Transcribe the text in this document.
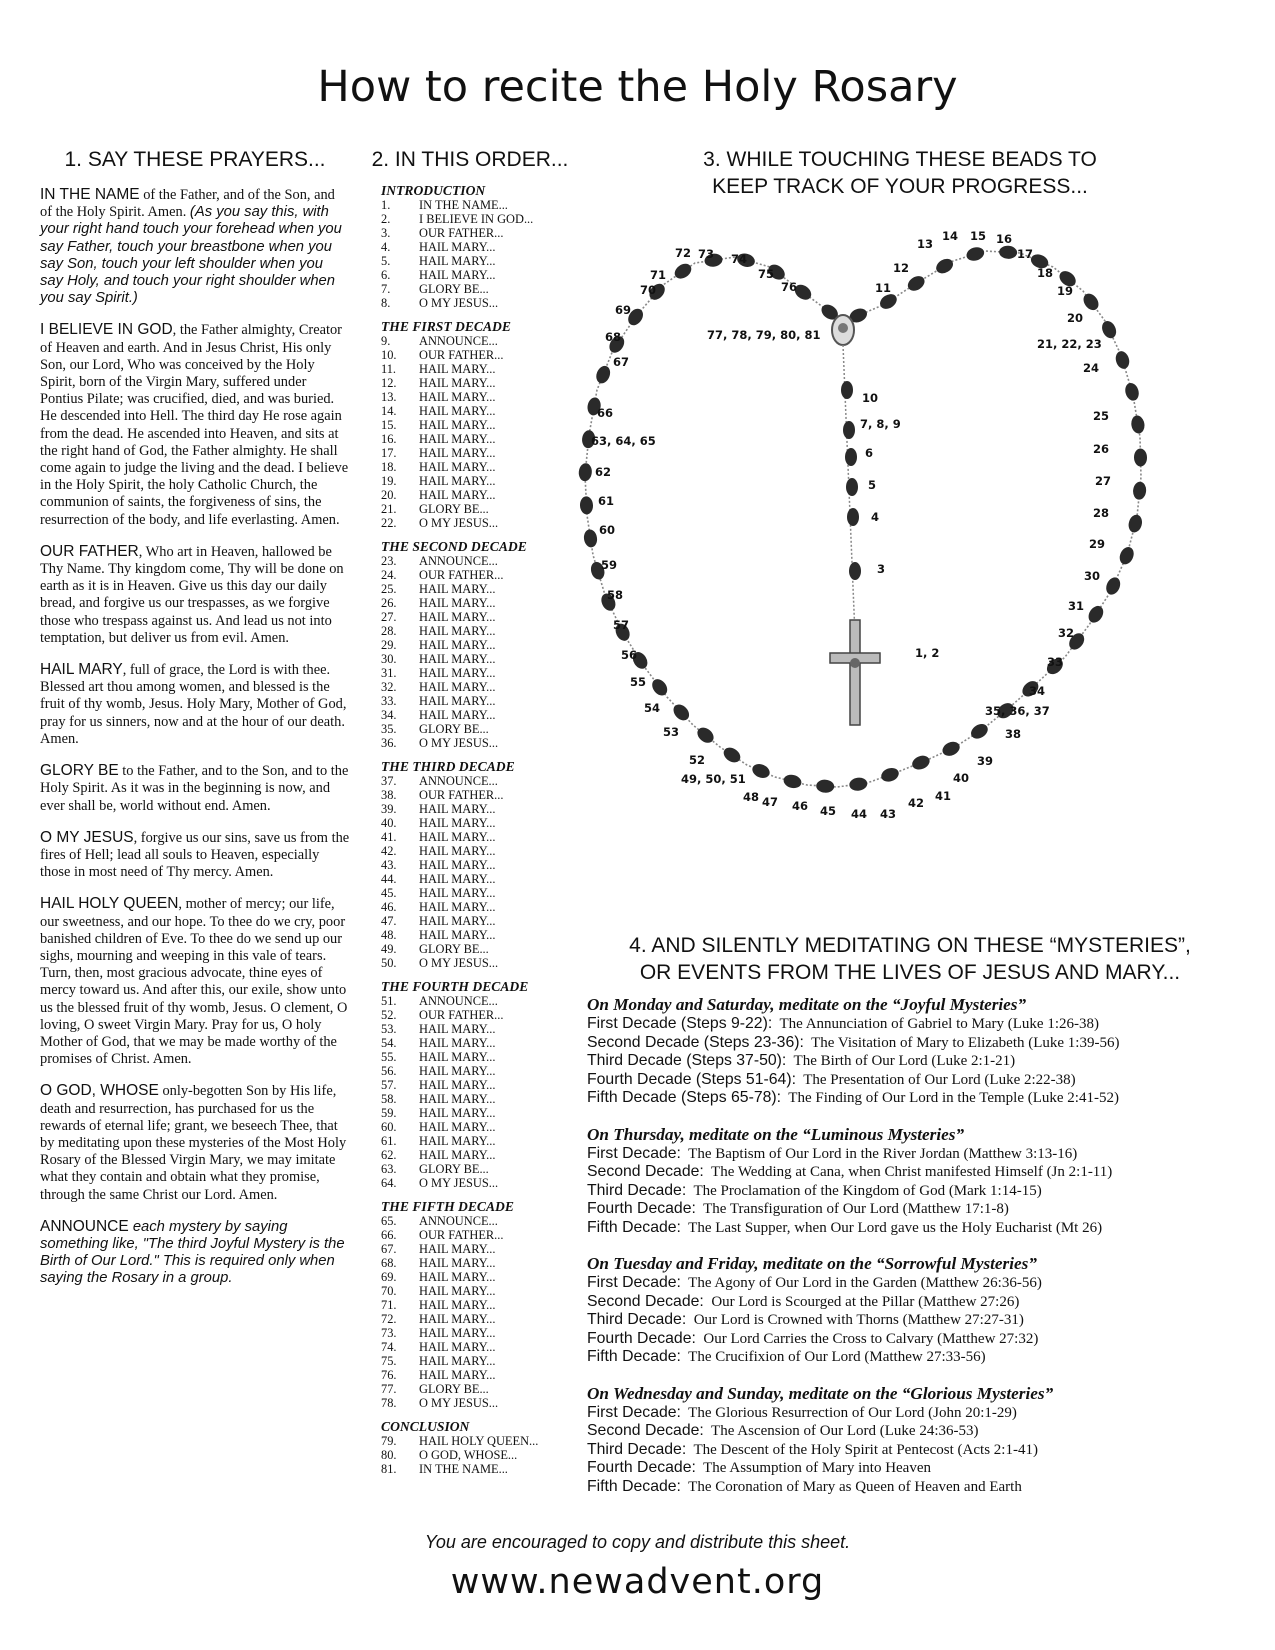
How to recite the Holy Rosary
1. SAY THESE PRAYERS...	2. IN THIS ORDER...	3. WHILE TOUCHING THESE BEADS TO
KEEP TRACK OF YOUR PROGRESS...
4. AND SILENTLY MEDITATING ON THESE “MYSTERIES”,
OR EVENTS FROM THE LIVES OF JESUS AND MARY...

IN THE NAME of the Father, and of the Son, and of the Holy Spirit. Amen. (As you say this, with your right hand touch your forehead when you say Father, touch your breastbone when you say Son, touch your left shoulder when you say Holy, and touch your right shoulder when you say Spirit.)

I BELIEVE IN GOD, the Father almighty, Creator of Heaven and earth. And in Jesus Christ, His only Son, our Lord, Who was conceived by the Holy Spirit, born of the Virgin Mary, suffered under Pontius Pilate; was crucified, died, and was buried. He descended into Hell. The third day He rose again from the dead. He ascended into Heaven, and sits at the right hand of God, the Father almighty. He shall come again to judge the living and the dead. I believe in the Holy Spirit, the holy Catholic Church, the communion of saints, the forgiveness of sins, the resurrection of the body, and life everlasting. Amen.

OUR FATHER, Who art in Heaven, hallowed be Thy Name. Thy kingdom come, Thy will be done on earth as it is in Heaven. Give us this day our daily bread, and forgive us our trespasses, as we forgive those who trespass against us. And lead us not into temptation, but deliver us from evil. Amen.

HAIL MARY, full of grace, the Lord is with thee. Blessed art thou among women, and blessed is the fruit of thy womb, Jesus. Holy Mary, Mother of God, pray for us sinners, now and at the hour of our death. Amen.

GLORY BE to the Father, and to the Son, and to the Holy Spirit. As it was in the beginning is now, and ever shall be, world without end. Amen.

O MY JESUS, forgive us our sins, save us from the fires of Hell; lead all souls to Heaven, especially those in most need of Thy mercy. Amen.

HAIL HOLY QUEEN, mother of mercy; our life, our sweetness, and our hope. To thee do we cry, poor banished children of Eve. To thee do we send up our sighs, mourning and weeping in this vale of tears. Turn, then, most gracious advocate, thine eyes of mercy toward us. And after this, our exile, show unto us the blessed fruit of thy womb, Jesus. O clement, O loving, O sweet Virgin Mary. Pray for us, O holy Mother of God, that we may be made worthy of the promises of Christ. Amen.

O GOD, WHOSE only-begotten Son by His life, death and resurrection, has purchased for us the rewards of eternal life; grant, we beseech Thee, that by meditating upon these mysteries of the Most Holy Rosary of the Blessed Virgin Mary, we may imitate what they contain and obtain what they promise, through the same Christ our Lord. Amen.

ANNOUNCE each mystery by saying something like, "The third Joyful Mystery is the Birth of Our Lord." This is required only when saying the Rosary in a group.

INTRODUCTION
1.	IN THE NAME...
2.	I BELIEVE IN GOD...
3.	OUR FATHER...
4.	HAIL MARY...
5.	HAIL MARY...
6.	HAIL MARY...
7.	GLORY BE...
8.	O MY JESUS...
THE FIRST DECADE
9.	ANNOUNCE...
10.	OUR FATHER...
11.	HAIL MARY...
12.	HAIL MARY...
13.	HAIL MARY...
14.	HAIL MARY...
15.	HAIL MARY...
16.	HAIL MARY...
17.	HAIL MARY...
18.	HAIL MARY...
19.	HAIL MARY...
20.	HAIL MARY...
21.	GLORY BE...
22.	O MY JESUS...
THE SECOND DECADE
23.	ANNOUNCE...
24.	OUR FATHER...
25.	HAIL MARY...
26.	HAIL MARY...
27.	HAIL MARY...
28.	HAIL MARY...
29.	HAIL MARY...
30.	HAIL MARY...
31.	HAIL MARY...
32.	HAIL MARY...
33.	HAIL MARY...
34.	HAIL MARY...
35.	GLORY BE...
36.	O MY JESUS...
THE THIRD DECADE
37.	ANNOUNCE...
38.	OUR FATHER...
39.	HAIL MARY...
40.	HAIL MARY...
41.	HAIL MARY...
42.	HAIL MARY...
43.	HAIL MARY...
44.	HAIL MARY...
45.	HAIL MARY...
46.	HAIL MARY...
47.	HAIL MARY...
48.	HAIL MARY...
49.	GLORY BE...
50.	O MY JESUS...
THE FOURTH DECADE
51.	ANNOUNCE...
52.	OUR FATHER...
53.	HAIL MARY...
54.	HAIL MARY...
55.	HAIL MARY...
56.	HAIL MARY...
57.	HAIL MARY...
58.	HAIL MARY...
59.	HAIL MARY...
60.	HAIL MARY...
61.	HAIL MARY...
62.	HAIL MARY...
63.	GLORY BE...
64.	O MY JESUS...
THE FIFTH DECADE
65.	ANNOUNCE...
66.	OUR FATHER...
67.	HAIL MARY...
68.	HAIL MARY...
69.	HAIL MARY...
70.	HAIL MARY...
71.	HAIL MARY...
72.	HAIL MARY...
73.	HAIL MARY...
74.	HAIL MARY...
75.	HAIL MARY...
76.	HAIL MARY...
77.	GLORY BE...
78.	O MY JESUS...
CONCLUSION
79.	HAIL HOLY QUEEN...
80.	O GOD, WHOSE...
81.	IN THE NAME...
1, 2
3
4
5
6
7, 8, 9
10
11
12
13
14 15 16
17
18
19
20
21, 22, 23
24
25
26
27
28
29
30
31
32
33
34
35, 36, 37
38
39
40
41
42
43
44
45
46
47
48
49, 50, 51
52
53
54
55
56
57
58
59
60
61
62
63, 64, 65
66
67
68
69
70
71
72 73 74
75
76
77, 78, 79, 80, 81
On Monday and Saturday, meditate on the “Joyful Mysteries”
First Decade (Steps 9-22):  The Annunciation of Gabriel to Mary (Luke 1:26-38)
Second Decade (Steps 23-36):  The Visitation of Mary to Elizabeth (Luke 1:39-56)
Third Decade (Steps 37-50):  The Birth of Our Lord (Luke 2:1-21)
Fourth Decade (Steps 51-64):  The Presentation of Our Lord (Luke 2:22-38)
Fifth Decade (Steps 65-78):  The Finding of Our Lord in the Temple (Luke 2:41-52)
On Thursday, meditate on the “Luminous Mysteries”
First Decade:  The Baptism of Our Lord in the River Jordan (Matthew 3:13-16)
Second Decade:  The Wedding at Cana, when Christ manifested Himself (Jn 2:1-11)
Third Decade:  The Proclamation of the Kingdom of God (Mark 1:14-15)
Fourth Decade:  The Transfiguration of Our Lord (Matthew 17:1-8)
Fifth Decade:  The Last Supper, when Our Lord gave us the Holy Eucharist (Mt 26)
On Tuesday and Friday, meditate on the “Sorrowful Mysteries”
First Decade:  The Agony of Our Lord in the Garden (Matthew 26:36-56)
Second Decade:  Our Lord is Scourged at the Pillar (Matthew 27:26)
Third Decade:  Our Lord is Crowned with Thorns (Matthew 27:27-31)
Fourth Decade:  Our Lord Carries the Cross to Calvary (Matthew 27:32)
Fifth Decade:  The Crucifixion of Our Lord (Matthew 27:33-56)
On Wednesday and Sunday, meditate on the “Glorious Mysteries”
First Decade:  The Glorious Resurrection of Our Lord (John 20:1-29)
Second Decade:  The Ascension of Our Lord (Luke 24:36-53)
Third Decade:  The Descent of the Holy Spirit at Pentecost (Acts 2:1-41)
Fourth Decade:  The Assumption of Mary into Heaven
Fifth Decade:  The Coronation of Mary as Queen of Heaven and Earth
You are encouraged to copy and distribute this sheet.
www.newadvent.org
